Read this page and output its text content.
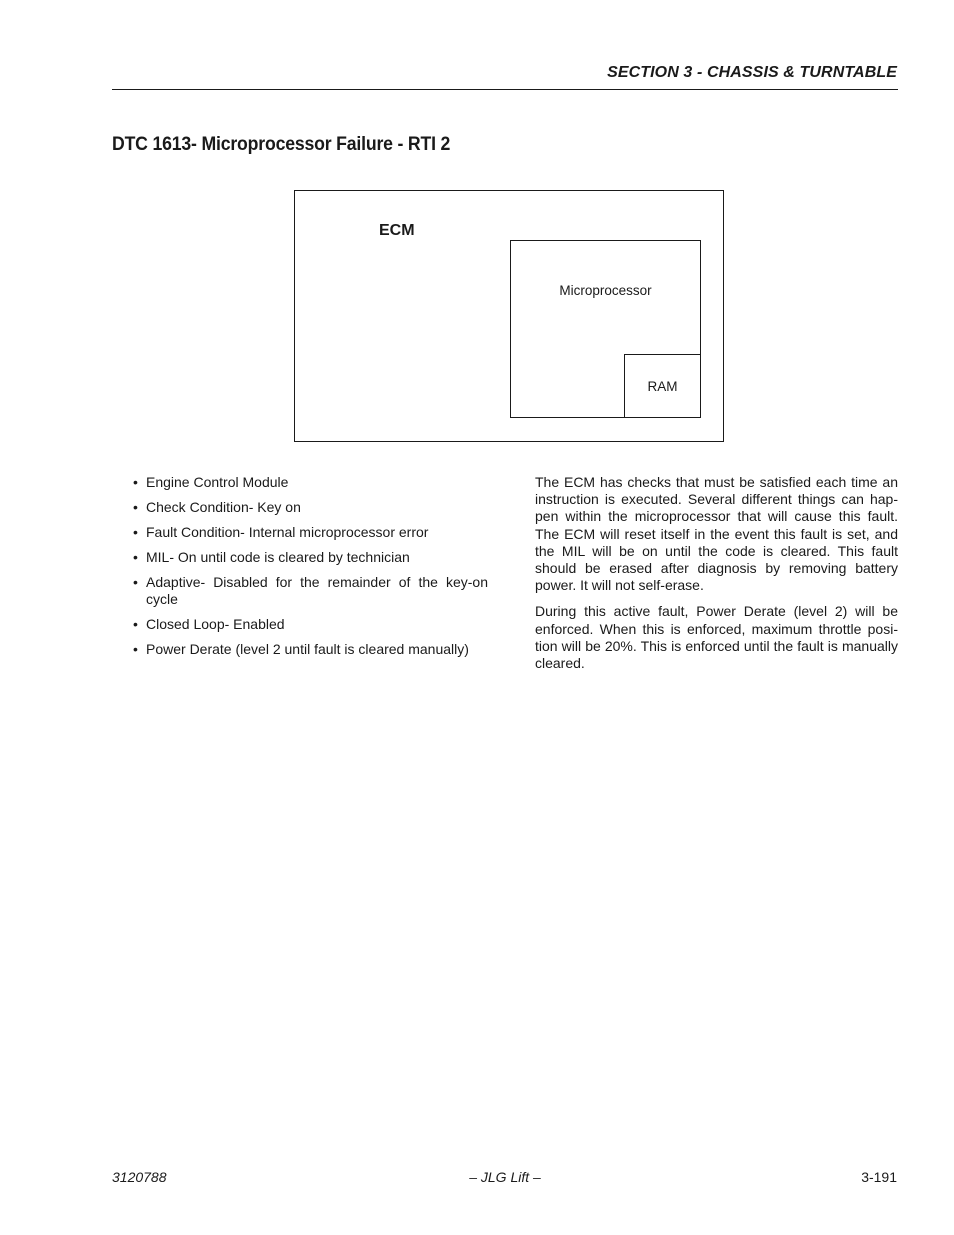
SECTION 3 - CHASSIS & TURNTABLE
DTC 1613- Microprocessor Failure - RTI 2
ECM
Microprocessor
RAM
• Engine Control Module
• Check Condition- Key on
• Fault Condition- Internal microprocessor error
• MIL- On until code is cleared by technician
• Adaptive- Disabled for the remainder of the key-on cycle
• Closed Loop- Enabled
• Power Derate (level 2 until fault is cleared manually)

The ECM has checks that must be satisfied each time an instruction is executed. Several different things can hap-pen within the microprocessor that will cause this fault. The ECM will reset itself in the event this fault is set, and the MIL will be on until the code is cleared. This fault should be erased after diagnosis by removing battery power. It will not self-erase.

During this active fault, Power Derate (level 2) will be enforced. When this is enforced, maximum throttle posi-tion will be 20%. This is enforced until the fault is manually cleared.

3120788	– JLG Lift –	3-191
